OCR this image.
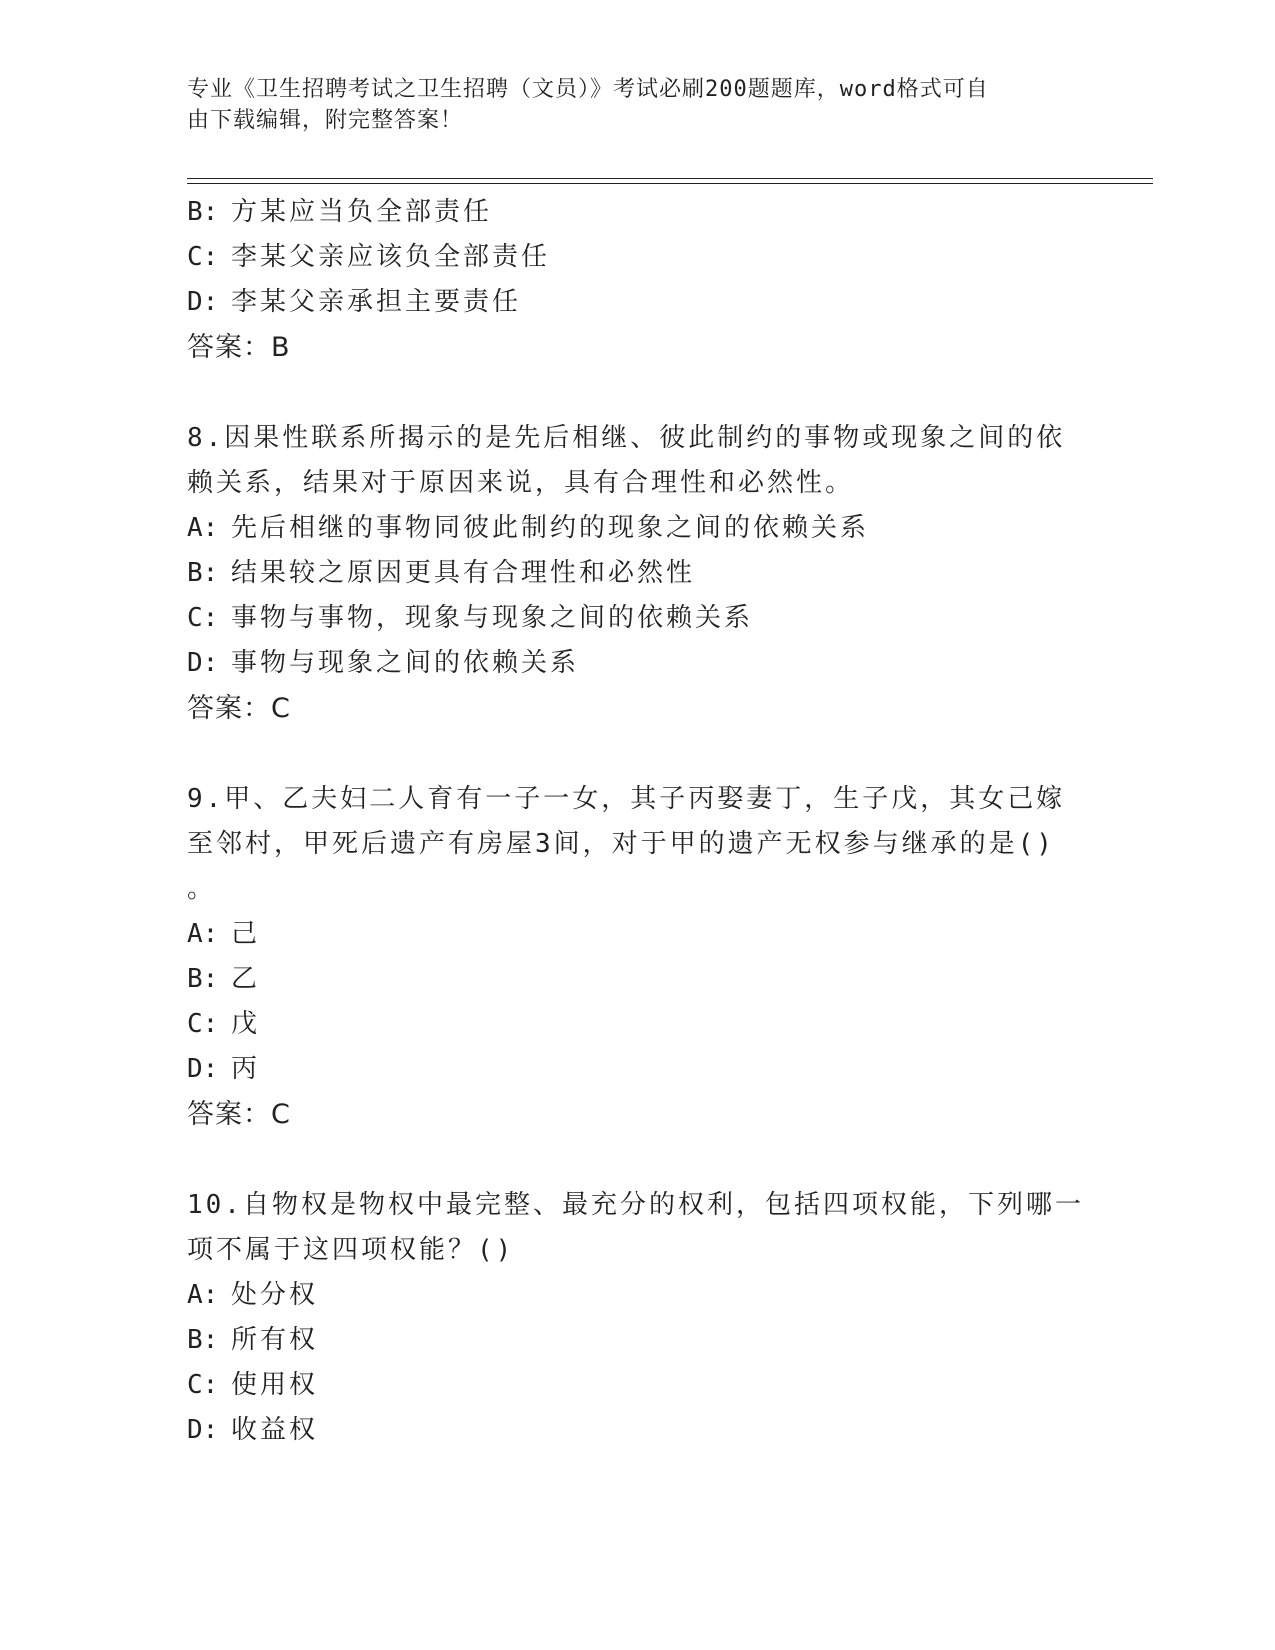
专业《卫生招聘考试之卫生招聘（文员）》考试必刷200题题库，word格式可自
由下载编辑，附完整答案！
B: 方某应当负全部责任
C: 李某父亲应该负全部责任
D: 李某父亲承担主要责任
答案：B
8.因果性联系所揭示的是先后相继、彼此制约的事物或现象之间的依
赖关系，结果对于原因来说，具有合理性和必然性。
A: 先后相继的事物同彼此制约的现象之间的依赖关系
B: 结果较之原因更具有合理性和必然性
C: 事物与事物，现象与现象之间的依赖关系
D: 事物与现象之间的依赖关系
答案：C
9.甲、乙夫妇二人育有一子一女，其子丙娶妻丁，生子戊，其女己嫁
至邻村，甲死后遗产有房屋3间，对于甲的遗产无权参与继承的是()
。
A: 己
B: 乙
C: 戊
D: 丙
答案：C
10.自物权是物权中最完整、最充分的权利，包括四项权能，下列哪一
项不属于这四项权能？()
A: 处分权
B: 所有权
C: 使用权
D: 收益权
